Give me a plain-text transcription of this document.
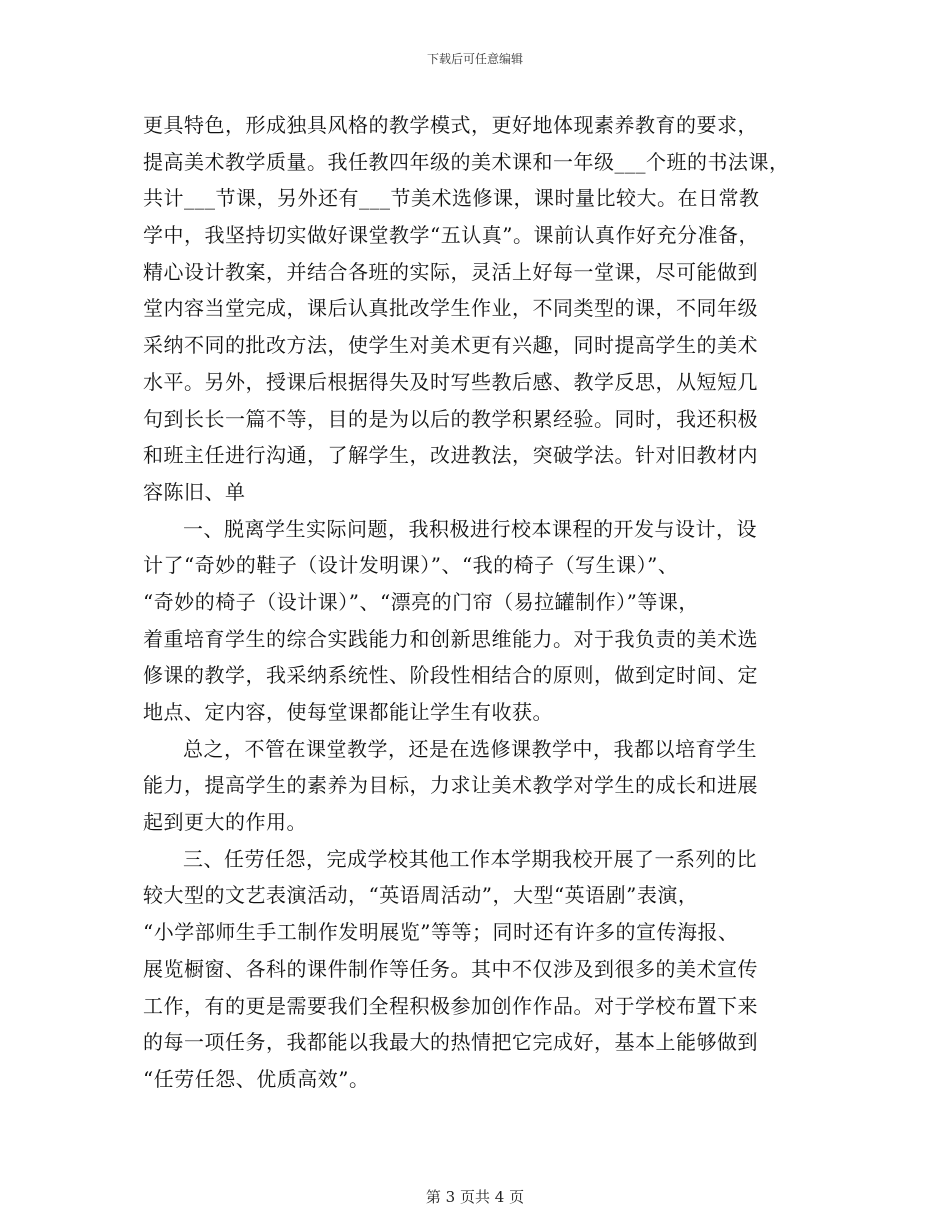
下载后可任意编辑
更具特色，形成独具风格的教学模式，更好地体现素养教育的要求，
提高美术教学质量。我任教四年级的美术课和一年级___个班的书法课，
共计___节课，另外还有___节美术选修课，课时量比较大。在日常教
学中，我坚持切实做好课堂教学“五认真”。课前认真作好充分准备，
精心设计教案，并结合各班的实际，灵活上好每一堂课，尽可能做到
堂内容当堂完成，课后认真批改学生作业，不同类型的课，不同年级
采纳不同的批改方法，使学生对美术更有兴趣，同时提高学生的美术
水平。另外，授课后根据得失及时写些教后感、教学反思，从短短几
句到长长一篇不等，目的是为以后的教学积累经验。同时，我还积极
和班主任进行沟通，了解学生，改进教法，突破学法。针对旧教材内
容陈旧、单
一、脱离学生实际问题，我积极进行校本课程的开发与设计，设
计了“奇妙的鞋子（设计发明课）”、“我的椅子（写生课）”、
“奇妙的椅子（设计课）”、“漂亮的门帘（易拉罐制作）”等课，
着重培育学生的综合实践能力和创新思维能力。对于我负责的美术选
修课的教学，我采纳系统性、阶段性相结合的原则，做到定时间、定
地点、定内容，使每堂课都能让学生有收获。
总之，不管在课堂教学，还是在选修课教学中，我都以培育学生
能力，提高学生的素养为目标，力求让美术教学对学生的成长和进展
起到更大的作用。
三、任劳任怨，完成学校其他工作本学期我校开展了一系列的比
较大型的文艺表演活动，“英语周活动”，大型“英语剧”表演，
“小学部师生手工制作发明展览”等等；同时还有许多的宣传海报、
展览橱窗、各科的课件制作等任务。其中不仅涉及到很多的美术宣传
工作，有的更是需要我们全程积极参加创作作品。对于学校布置下来
的每一项任务，我都能以我最大的热情把它完成好，基本上能够做到
“任劳任怨、优质高效”。
第 3 页共 4 页
